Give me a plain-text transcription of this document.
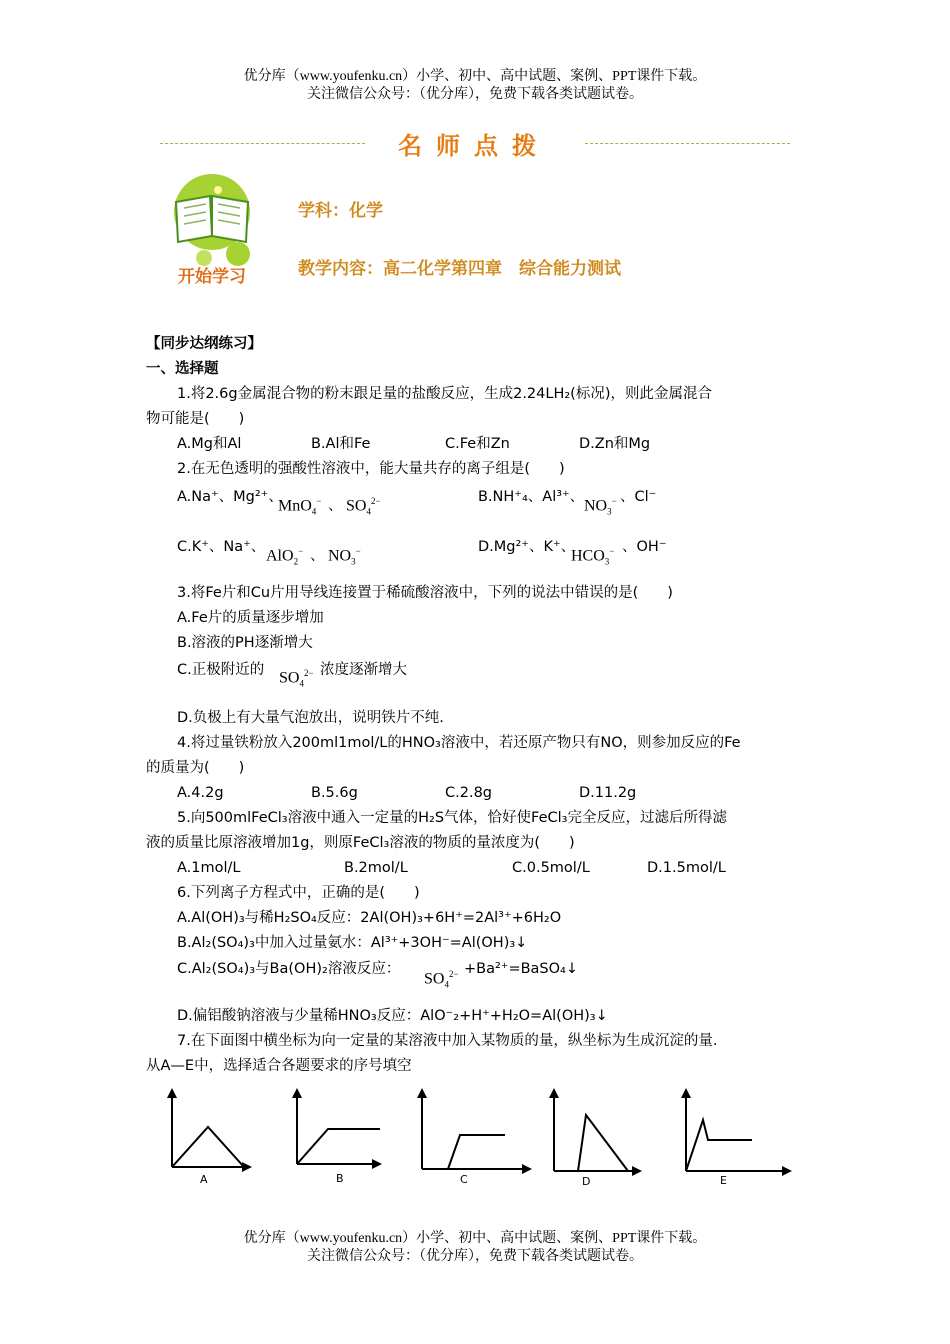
优分库（www.youfenku.cn）小学、初中、高中试题、案例、PPT课件下载。
关注微信公众号：（优分库），免费下载各类试题试卷。
名师点拨
开始学习
学科：化学
教学内容：高二化学第四章　综合能力测试
【同步达纲练习】
一、选择题
1.将2.6g金属混合物的粉末跟足量的盐酸反应，生成2.24LH₂(标况)，则此金属混合
物可能是(　　)
A.Mg和Al	B.Al和Fe	C.Fe和Zn	D.Zn和Mg
2.在无色透明的强酸性溶液中，能大量共存的离子组是(　　)
A.Na⁺、Mg²⁺、
MnO$_4$− 、 $SO_4^{2-}$	B.NH⁺₄、Al³⁺、
$NO_3^-$ 、Cl⁻
C.K⁺、Na⁺、
AlO$_2$− 、 $NO_3^-$	D.Mg²⁺、K⁺、
$HCO_3^-$ 、OH⁻
3.将Fe片和Cu片用导线连接置于稀硫酸溶液中，下列的说法中错误的是(　　)
A.Fe片的质量逐步增加
B.溶液的PH逐渐增大
C.正极附近的 $SO_4^{2-}$ 浓度逐渐增大
D.负极上有大量气泡放出，说明铁片不纯.
4.将过量铁粉放入200ml1mol/L的HNO₃溶液中，若还原产物只有NO，则参加反应的Fe
的质量为(　　)
A.4.2g	B.5.6g	C.2.8g	D.11.2g
5.向500mlFeCl₃溶液中通入一定量的H₂S气体，恰好使FeCl₃完全反应，过滤后所得滤
液的质量比原溶液增加1g，则原FeCl₃溶液的物质的量浓度为(　　)
A.1mol/L	B.2mol/L	C.0.5mol/L	D.1.5mol/L
6.下列离子方程式中，正确的是(　　)
A.Al(OH)₃与稀H₂SO₄反应：2Al(OH)₃+6H⁺=2Al³⁺+6H₂O
B.Al₂(SO₄)₃中加入过量氨水：Al³⁺+3OH⁻=Al(OH)₃↓
C.Al₂(SO₄)₃与Ba(OH)₂溶液反应：
$SO_4^{2-}$ +Ba²⁺=BaSO₄↓
D.偏铝酸钠溶液与少量稀HNO₃反应：AlO⁻₂+H⁺+H₂O=Al(OH)₃↓
7.在下面图中横坐标为向一定量的某溶液中加入某物质的量，纵坐标为生成沉淀的量.
从A—E中，选择适合各题要求的序号填空
A	B	C	D	E
优分库（www.youfenku.cn）小学、初中、高中试题、案例、PPT课件下载。
关注微信公众号：（优分库），免费下载各类试题试卷。
